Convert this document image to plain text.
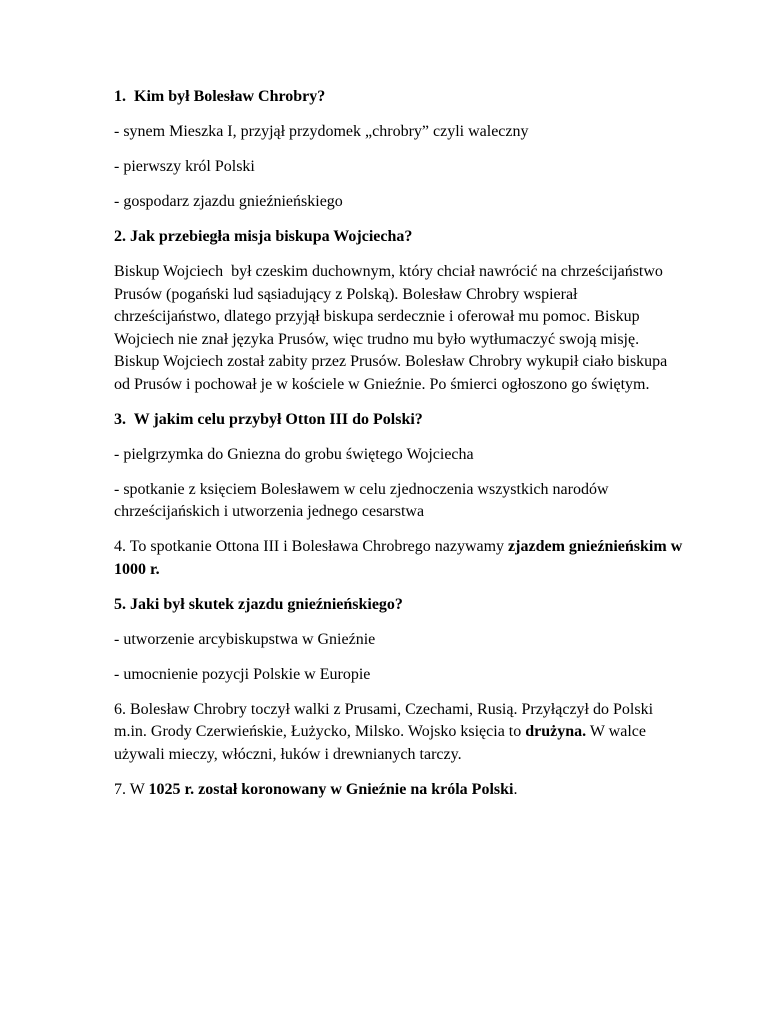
1.  Kim był Bolesław Chrobry?

- synem Mieszka I, przyjął przydomek „chrobry” czyli waleczny

- pierwszy król Polski

- gospodarz zjazdu gnieźnieńskiego

2. Jak przebiegła misja biskupa Wojciecha?

Biskup Wojciech  był czeskim duchownym, który chciał nawrócić na chrześcijaństwo Prusów (pogański lud sąsiadujący z Polską). Bolesław Chrobry wspierał chrześcijaństwo, dlatego przyjął biskupa serdecznie i oferował mu pomoc. Biskup Wojciech nie znał języka Prusów, więc trudno mu było wytłumaczyć swoją misję. Biskup Wojciech został zabity przez Prusów. Bolesław Chrobry wykupił ciało biskupa od Prusów i pochował je w kościele w Gnieźnie. Po śmierci ogłoszono go świętym.

3.  W jakim celu przybył Otton III do Polski?

- pielgrzymka do Gniezna do grobu świętego Wojciecha

- spotkanie z księciem Bolesławem w celu zjednoczenia wszystkich narodów chrześcijańskich i utworzenia jednego cesarstwa

4. To spotkanie Ottona III i Bolesława Chrobrego nazywamy zjazdem gnieźnieńskim w 1000 r.

5. Jaki był skutek zjazdu gnieźnieńskiego?

- utworzenie arcybiskupstwa w Gnieźnie

- umocnienie pozycji Polskie w Europie

6. Bolesław Chrobry toczył walki z Prusami, Czechami, Rusią. Przyłączył do Polski m.in. Grody Czerwieńskie, Łużycko, Milsko. Wojsko księcia to drużyna. W walce używali mieczy, włóczni, łuków i drewnianych tarczy.

7. W 1025 r. został koronowany w Gnieźnie na króla Polski.
